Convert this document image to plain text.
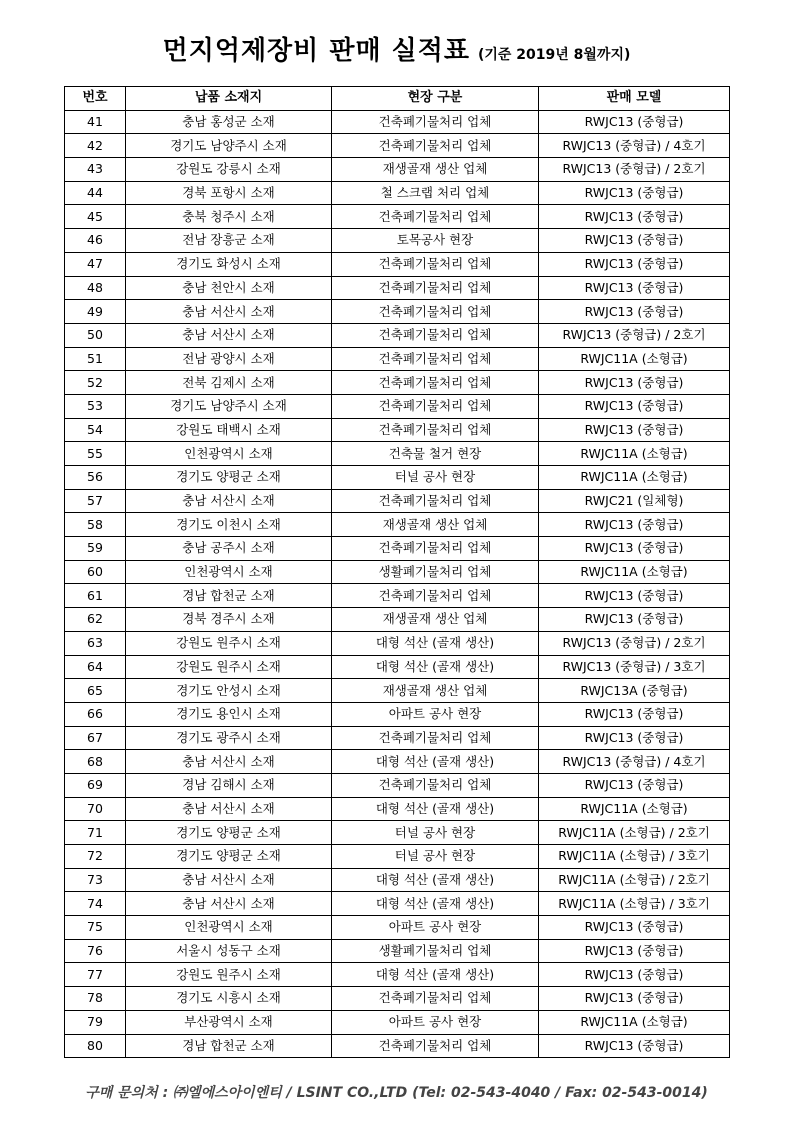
먼지억제장비 판매 실적표 (기준 2019년 8월까지)
번호	납품 소재지	현장 구분	판매 모델
41	충남 홍성군 소재	건축폐기물처리 업체	RWJC13 (중형급)
42	경기도 남양주시 소재	건축폐기물처리 업체	RWJC13 (중형급) / 4호기
43	강원도 강릉시 소재	재생골재 생산 업체	RWJC13 (중형급) / 2호기
44	경북 포항시 소재	철 스크랩 처리 업체	RWJC13 (중형급)
45	충북 청주시 소재	건축폐기물처리 업체	RWJC13 (중형급)
46	전남 장흥군 소재	토목공사 현장	RWJC13 (중형급)
47	경기도 화성시 소재	건축폐기물처리 업체	RWJC13 (중형급)
48	충남 천안시 소재	건축폐기물처리 업체	RWJC13 (중형급)
49	충남 서산시 소재	건축폐기물처리 업체	RWJC13 (중형급)
50	충남 서산시 소재	건축폐기물처리 업체	RWJC13 (중형급) / 2호기
51	전남 광양시 소재	건축폐기물처리 업체	RWJC11A (소형급)
52	전북 김제시 소재	건축폐기물처리 업체	RWJC13 (중형급)
53	경기도 남양주시 소재	건축폐기물처리 업체	RWJC13 (중형급)
54	강원도 태백시 소재	건축폐기물처리 업체	RWJC13 (중형급)
55	인천광역시 소재	건축물 철거 현장	RWJC11A (소형급)
56	경기도 양평군 소재	터널 공사 현장	RWJC11A (소형급)
57	충남 서산시 소재	건축폐기물처리 업체	RWJC21 (일체형)
58	경기도 이천시 소재	재생골재 생산 업체	RWJC13 (중형급)
59	충남 공주시 소재	건축폐기물처리 업체	RWJC13 (중형급)
60	인천광역시 소재	생활폐기물처리 업체	RWJC11A (소형급)
61	경남 합천군 소재	건축폐기물처리 업체	RWJC13 (중형급)
62	경북 경주시 소재	재생골재 생산 업체	RWJC13 (중형급)
63	강원도 원주시 소재	대형 석산 (골재 생산)	RWJC13 (중형급) / 2호기
64	강원도 원주시 소재	대형 석산 (골재 생산)	RWJC13 (중형급) / 3호기
65	경기도 안성시 소재	재생골재 생산 업체	RWJC13A (중형급)
66	경기도 용인시 소재	아파트 공사 현장	RWJC13 (중형급)
67	경기도 광주시 소재	건축폐기물처리 업체	RWJC13 (중형급)
68	충남 서산시 소재	대형 석산 (골재 생산)	RWJC13 (중형급) / 4호기
69	경남 김해시 소재	건축폐기물처리 업체	RWJC13 (중형급)
70	충남 서산시 소재	대형 석산 (골재 생산)	RWJC11A (소형급)
71	경기도 양평군 소재	터널 공사 현장	RWJC11A (소형급) / 2호기
72	경기도 양평군 소재	터널 공사 현장	RWJC11A (소형급) / 3호기
73	충남 서산시 소재	대형 석산 (골재 생산)	RWJC11A (소형급) / 2호기
74	충남 서산시 소재	대형 석산 (골재 생산)	RWJC11A (소형급) / 3호기
75	인천광역시 소재	아파트 공사 현장	RWJC13 (중형급)
76	서울시 성동구 소재	생활폐기물처리 업체	RWJC13 (중형급)
77	강원도 원주시 소재	대형 석산 (골재 생산)	RWJC13 (중형급)
78	경기도 시흥시 소재	건축폐기물처리 업체	RWJC13 (중형급)
79	부산광역시 소재	아파트 공사 현장	RWJC11A (소형급)
80	경남 합천군 소재	건축폐기물처리 업체	RWJC13 (중형급)
구매 문의처 : ㈜엘에스아이엔티 / LSINT CO.,LTD (Tel: 02-543-4040 / Fax: 02-543-0014)
